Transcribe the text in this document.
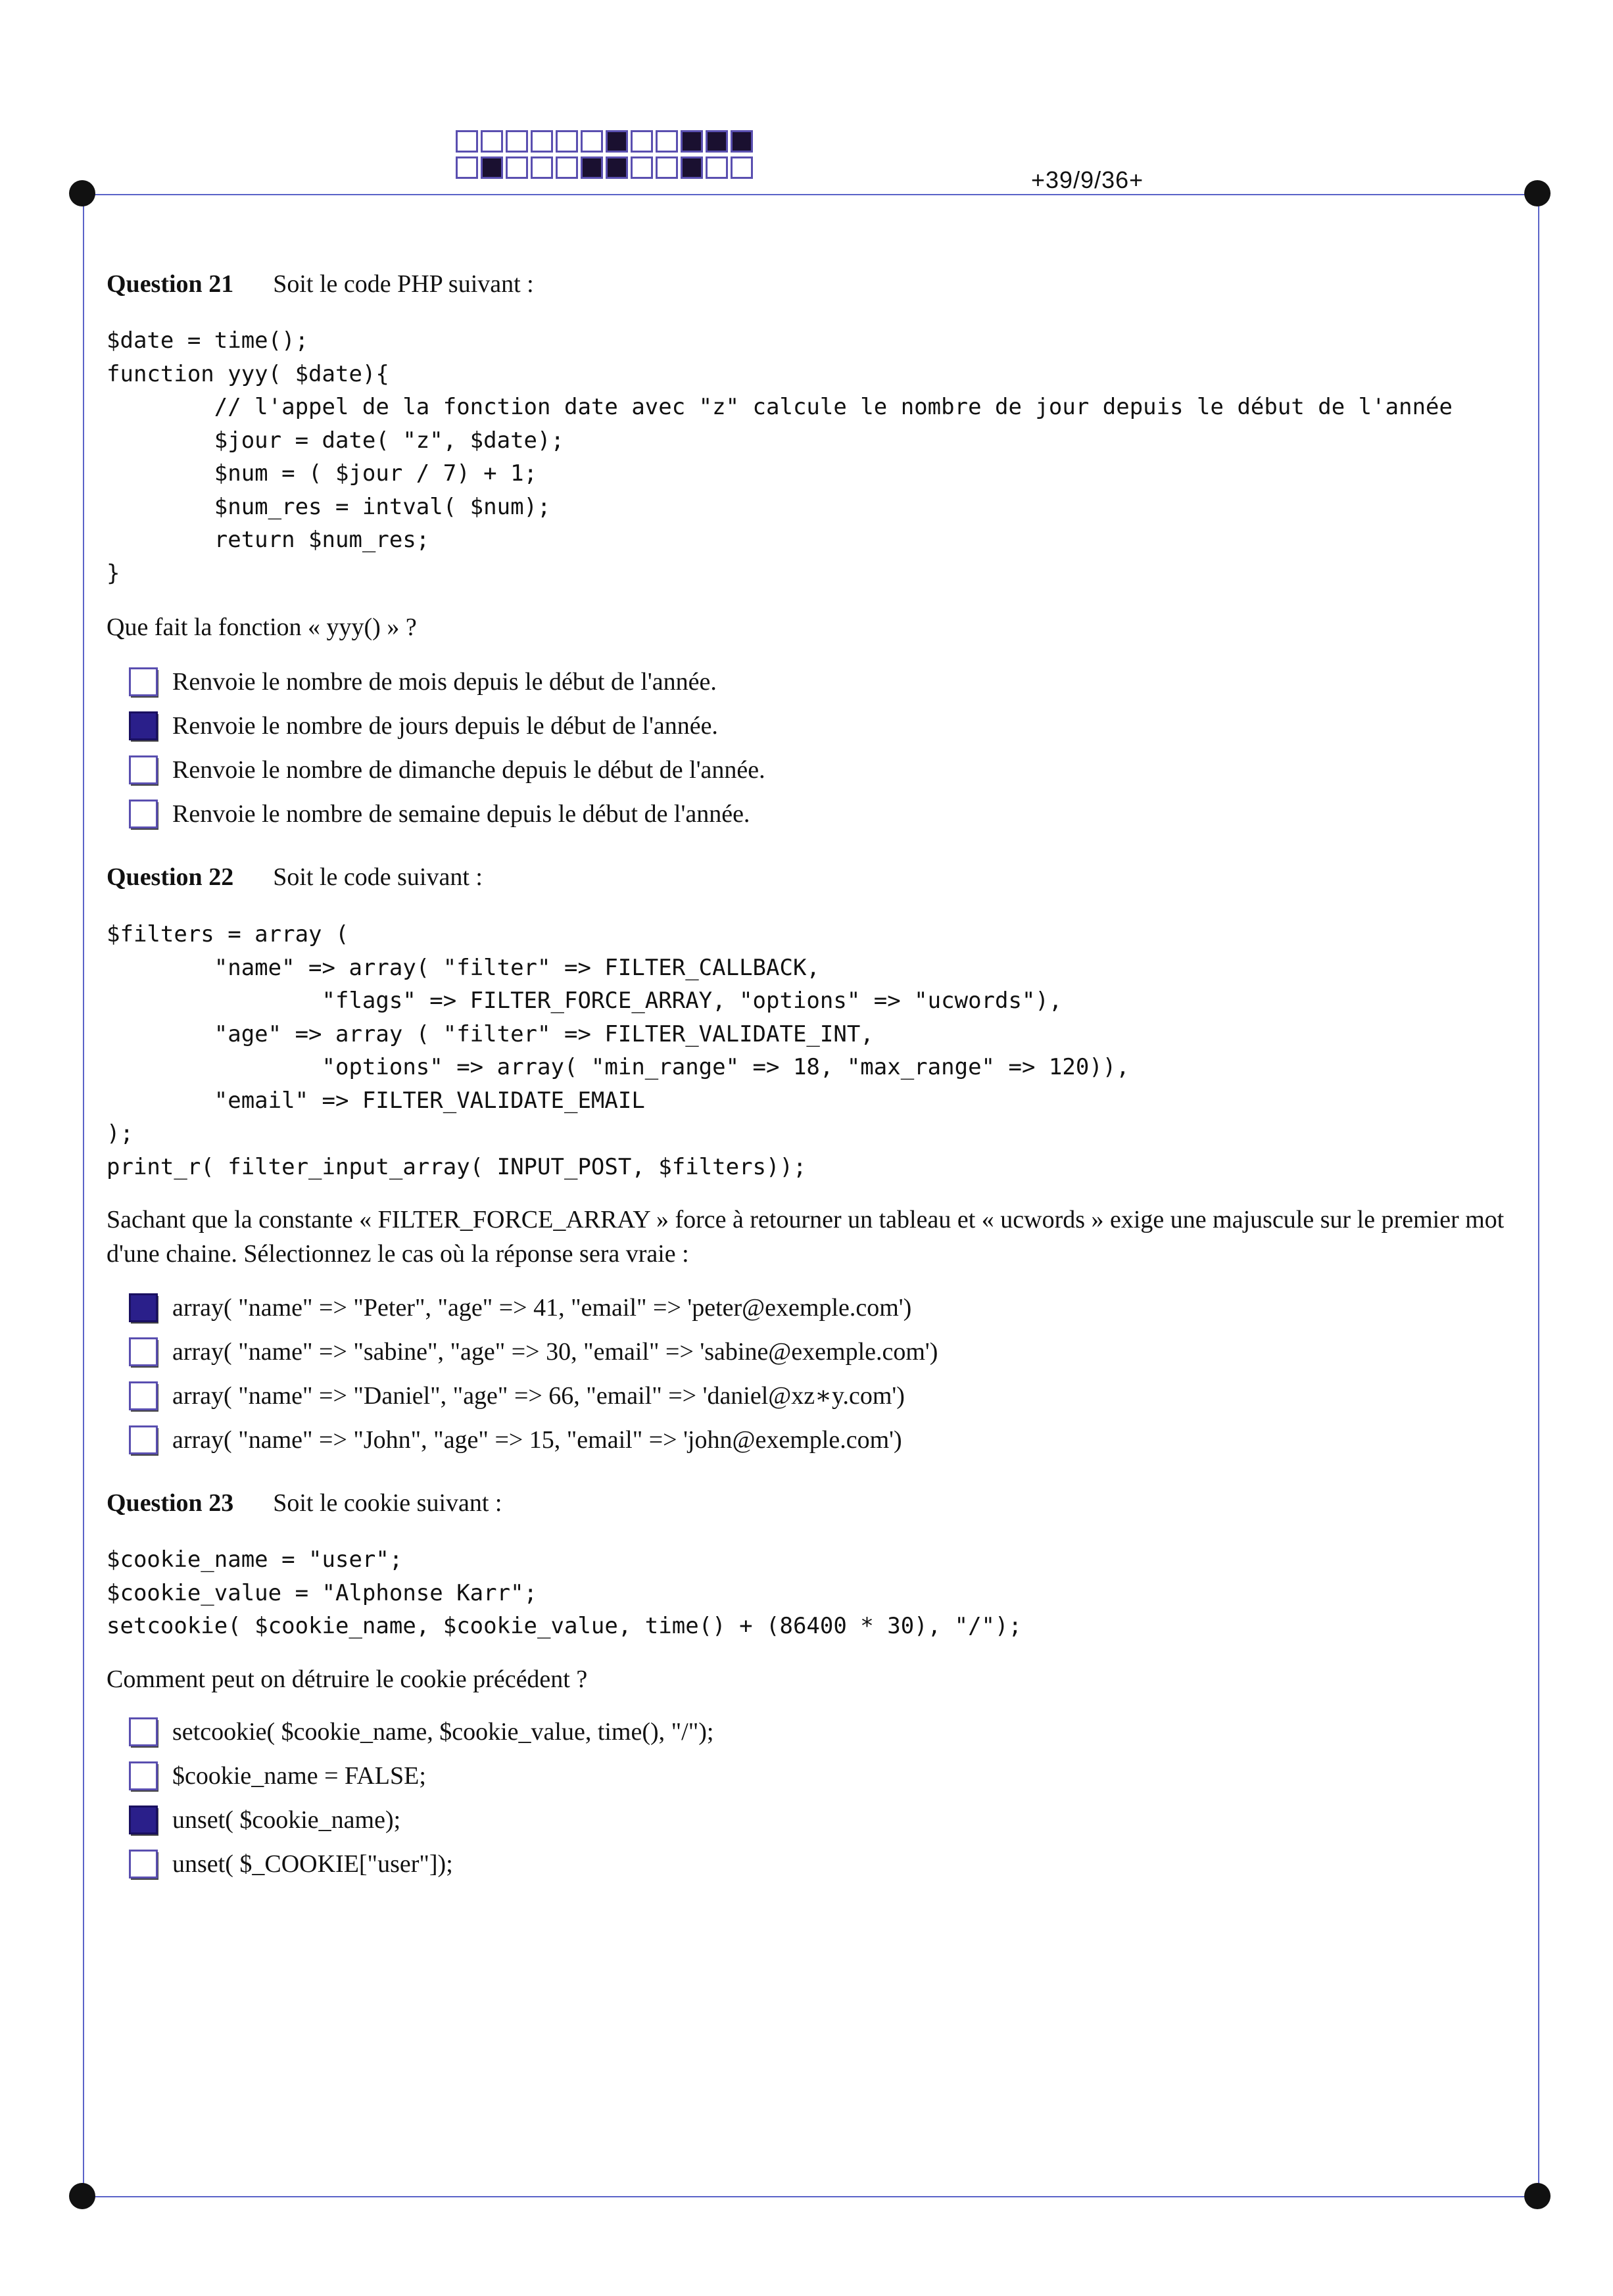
+39/9/36+
Question 21 Soit le code PHP suivant :
$date = time();
function yyy( $date){
// l'appel de la fonction date avec "z" calcule le nombre de jour depuis le début de l'année
$jour = date( "z", $date);
$num = ( $jour / 7) + 1;
$num_res = intval( $num);
return $num_res;
}
Que fait la fonction « yyy() » ?
Renvoie le nombre de mois depuis le début de l'année.
Renvoie le nombre de jours depuis le début de l'année.
Renvoie le nombre de dimanche depuis le début de l'année.
Renvoie le nombre de semaine depuis le début de l'année.
Question 22 Soit le code suivant :
$filters = array (
"name" => array( "filter" => FILTER_CALLBACK,
"flags" => FILTER_FORCE_ARRAY, "options" => "ucwords"),
"age" => array ( "filter" => FILTER_VALIDATE_INT,
"options" => array( "min_range" => 18, "max_range" => 120)),
"email" => FILTER_VALIDATE_EMAIL
);
print_r( filter_input_array( INPUT_POST, $filters));
Sachant que la constante « FILTER_FORCE_ARRAY » force à retourner un tableau et « ucwords » exige une majuscule sur le premier mot d'une chaine. Sélectionnez le cas où la réponse sera vraie :
array( "name" => "Peter", "age" => 41, "email" => 'peter@exemple.com')
array( "name" => "sabine", "age" => 30, "email" => 'sabine@exemple.com')
array( "name" => "Daniel", "age" => 66, "email" => 'daniel@xz∗y.com')
array( "name" => "John", "age" => 15, "email" => 'john@exemple.com')
Question 23 Soit le cookie suivant :
$cookie_name = "user";
$cookie_value = "Alphonse Karr";
setcookie( $cookie_name, $cookie_value, time() + (86400 * 30), "/");
Comment peut on détruire le cookie précédent ?
setcookie( $cookie_name, $cookie_value, time(), "/");
$cookie_name = FALSE;
unset( $cookie_name);
unset( $_COOKIE["user"]);
